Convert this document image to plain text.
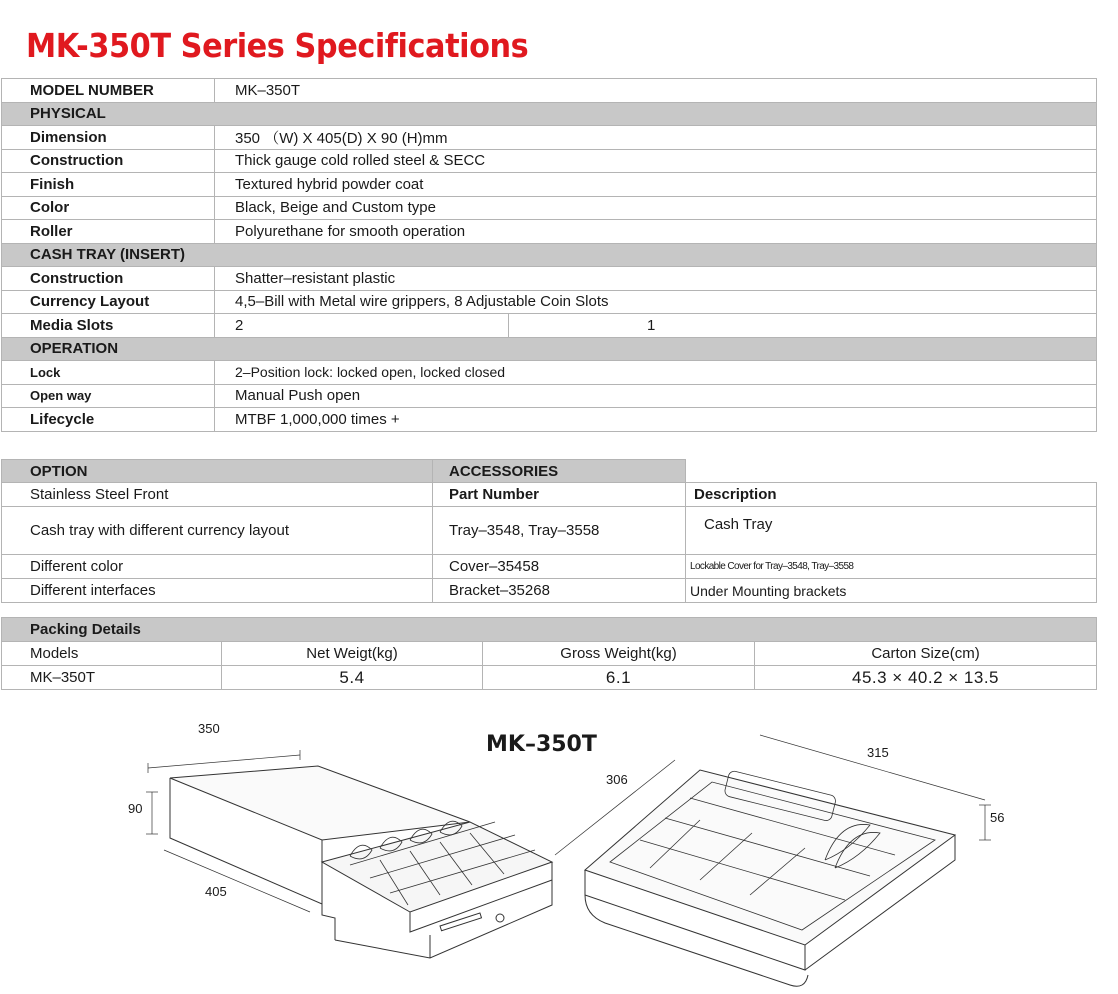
MK-350T Series Specifications
MODEL NUMBER	MK–350T	
PHYSICAL		
Dimension	350 （W) X 405(D) X 90 (H)mm	
Construction	Thick gauge cold rolled steel & SECC	
Finish	Textured hybrid powder coat	
Color	Black, Beige and Custom type	
Roller	Polyurethane for smooth operation	
CASH TRAY (INSERT)		
Construction	Shatter–resistant plastic	
Currency Layout	4,5–Bill with Metal wire grippers, 8 Adjustable Coin Slots	
Media Slots	2	1
OPERATION		
Lock	2–Position lock: locked open, locked closed	
Open way	Manual Push open	
Lifecycle	MTBF 1,000,000 times +	
OPTION	ACCESSORIES	
Stainless Steel Front	Part Number	Description
Cash tray with different currency layout	Tray–3548, Tray–3558	Cash Tray
Different color	Cover–35458	Lockable Cover for Tray–3548, Tray–3558
Different interfaces	Bracket–35268	Under Mounting brackets
Packing Details			
Models	Net Weigt(kg)	Gross Weight(kg)	Carton Size(cm)
MK–350T	5.4	6.1	45.3 × 40.2 × 13.5
MK–350T
350
90
405
315
306
56
